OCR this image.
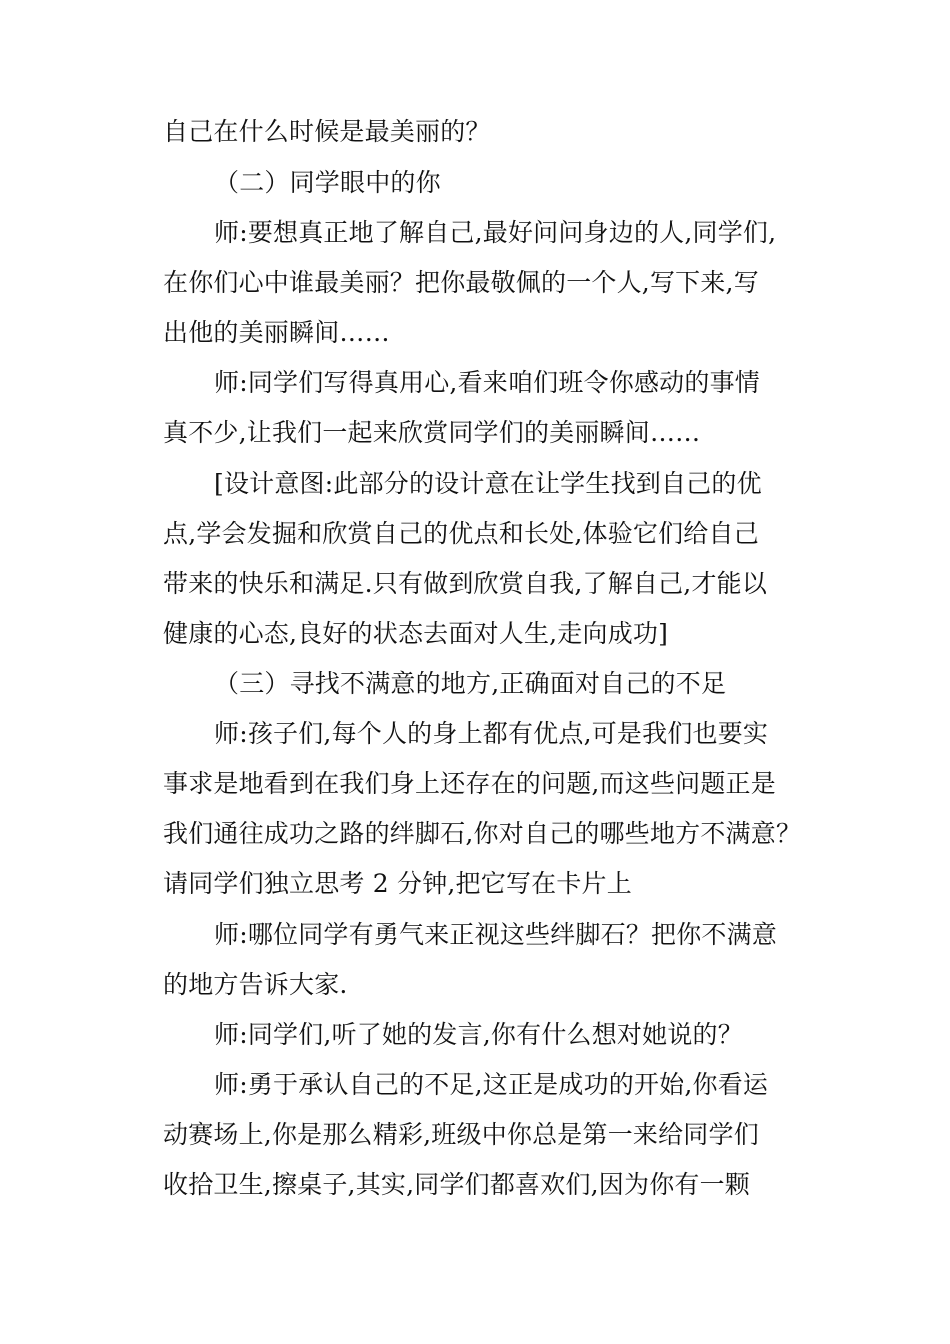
自己在什么时候是最美丽的？
（二）同学眼中的你
师:要想真正地了解自己,最好问问身边的人,同学们,
在你们心中谁最美丽？把你最敬佩的一个人,写下来,写
出他的美丽瞬间……
师:同学们写得真用心,看来咱们班令你感动的事情
真不少,让我们一起来欣赏同学们的美丽瞬间……
[设计意图:此部分的设计意在让学生找到自己的优
点,学会发掘和欣赏自己的优点和长处,体验它们给自己
带来的快乐和满足.只有做到欣赏自我,了解自己,才能以
健康的心态,良好的状态去面对人生,走向成功]
（三）寻找不满意的地方,正确面对自己的不足
师:孩子们,每个人的身上都有优点,可是我们也要实
事求是地看到在我们身上还存在的问题,而这些问题正是
我们通往成功之路的绊脚石,你对自己的哪些地方不满意？
请同学们独立思考 2 分钟,把它写在卡片上
师:哪位同学有勇气来正视这些绊脚石？把你不满意
的地方告诉大家.
师:同学们,听了她的发言,你有什么想对她说的？
师:勇于承认自己的不足,这正是成功的开始,你看运
动赛场上,你是那么精彩,班级中你总是第一来给同学们
收拾卫生,擦桌子,其实,同学们都喜欢们,因为你有一颗
